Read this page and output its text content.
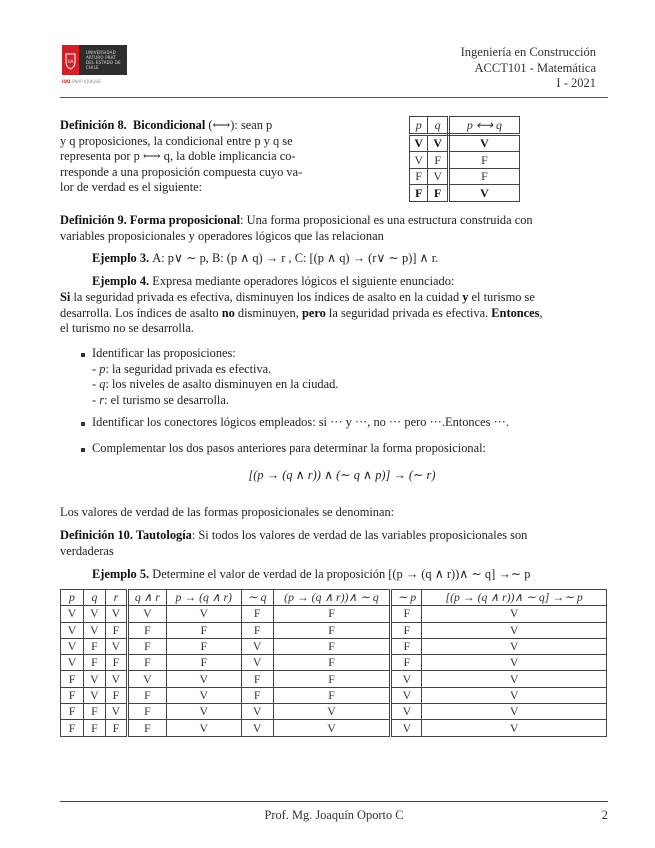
UA
UNIVERSIDAD
ARTURO PRAT
DEL ESTADO DE CHILE
IQQ UNAP IQUIQUE
Ingeniería en Construcción
ACCT101 - Matemática
I - 2021
Definición 8. Bicondicional (⟷): sean p
y q proposiciones, la condicional entre p y q se
representa por p ⟷ q, la doble implicancia co-
rresponde a una proposición compuesta cuyo va-
lor de verdad es el siguiente:
p	q	p ⟷ q
V	V	V
V	F	F
F	V	F
F	F	V
Definición 9. Forma proposicional: Una forma proposicional es una estructura construida con
variables proposicionales y operadores lógicos que las relacionan
Ejemplo 3. A: p∨ ∼ p, B: (p ∧ q) → r , C: [(p ∧ q) → (r∨ ∼ p)] ∧ r.
Ejemplo 4. Expresa mediante operadores lógicos el siguiente enunciado:
Si la seguridad privada es efectiva, disminuyen los índices de asalto en la cuidad y el turismo se
desarrolla. Los índices de asalto no disminuyen, pero la seguridad privada es efectiva. Entonces,
el turismo no se desarrolla.
Identificar las proposiciones:
- p: la seguridad privada es efectiva.
- q: los niveles de asalto disminuyen en la ciudad.
- r: el turismo se desarrolla.
Identificar los conectores lógicos empleados: si ··· y ···, no ··· pero ···.Entonces ···.
Complementar los dos pasos anteriores para determinar la forma proposicional:
[(p → (q ∧ r)) ∧ (∼ q ∧ p)] → (∼ r)
Los valores de verdad de las formas proposicionales se denominan:
Definición 10. Tautología: Si todos los valores de verdad de las variables proposicionales son
verdaderas
Ejemplo 5. Determine el valor de verdad de la proposición [(p → (q ∧ r))∧ ∼ q] →∼ p
p	q	r	q ∧ r	p → (q ∧ r)	∼ q	(p → (q ∧ r))∧ ∼ q	∼ p	[(p → (q ∧ r))∧ ∼ q] →∼ p
V	V	V	V	V	F	F	F	V
V	V	F	F	F	F	F	F	V
V	F	V	F	F	V	F	F	V
V	F	F	F	F	V	F	F	V
F	V	V	V	V	F	F	V	V
F	V	F	F	V	F	F	V	V
F	F	V	F	V	V	V	V	V
F	F	F	F	V	V	V	V	V
Prof. Mg. Joaquín Oporto C	2
